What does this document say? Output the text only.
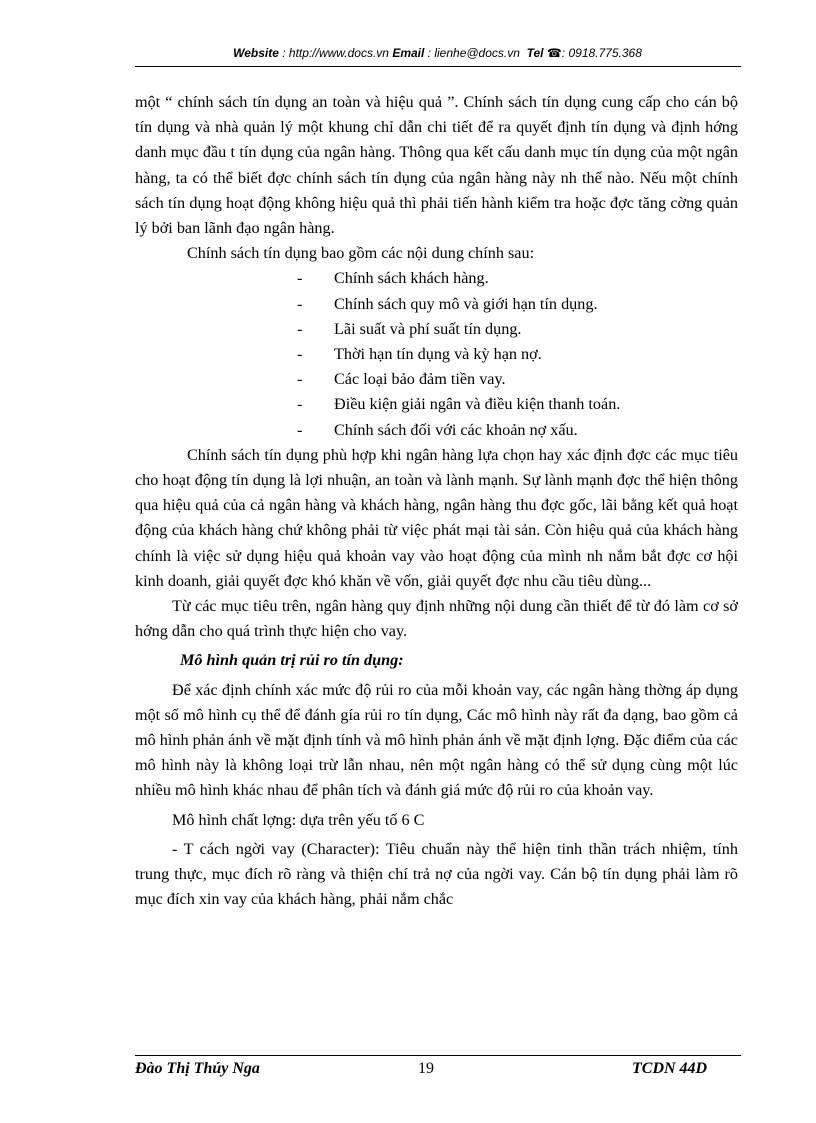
Website : http://www.docs.vn Email : lienhe@docs.vn Tel ☎: 0918.775.368

một “ chính sách tín dụng an toàn và hiệu quả ”. Chính sách tín dụng cung cấp cho cán bộ tín dụng và nhà quản lý một khung chỉ dẫn chi tiết để ra quyết định tín dụng và định hớng danh mục đầu t tín dụng của ngân hàng. Thông qua kết cấu danh mục tín dụng của một ngân hàng, ta có thể biết đợc chính sách tín dụng của ngân hàng này nh thế nào. Nếu một chính sách tín dụng hoạt động không hiệu quả thì phải tiến hành kiểm tra hoặc đợc tăng cờng quản lý bởi ban lãnh đạo ngân hàng.

Chính sách tín dụng bao gồm các nội dung chính sau:

- Chính sách khách hàng.
- Chính sách quy mô và giới hạn tín dụng.
- Lãi suất và phí suất tín dụng.
- Thời hạn tín dụng và kỳ hạn nợ.
- Các loại bảo đảm tiền vay.
- Điều kiện giải ngân và điều kiện thanh toán.
- Chính sách đối với các khoản nợ xấu.

Chính sách tín dụng phù hợp khi ngân hàng lựa chọn hay xác định đợc các mục tiêu cho hoạt động tín dụng là lợi nhuận, an toàn và lành mạnh. Sự lành mạnh đợc thể hiện thông qua hiệu quả của cả ngân hàng và khách hàng, ngân hàng thu đợc gốc, lãi bằng kết quả hoạt động của khách hàng chứ không phải từ việc phát mại tài sản. Còn hiệu quả của khách hàng chính là việc sử dụng hiệu quả khoản vay vào hoạt động của mình nh nắm bắt đợc cơ hội kinh doanh, giải quyết đợc khó khăn về vốn, giải quyết đợc nhu cầu tiêu dùng...

Từ các mục tiêu trên, ngân hàng quy định những nội dung cần thiết để từ đó làm cơ sở hớng dẫn cho quá trình thực hiện cho vay.

Mô hình quản trị rủi ro tín dụng:

Để xác định chính xác mức độ rủi ro của mỗi khoản vay, các ngân hàng thờng áp dụng một số mô hình cụ thể để đánh gía rủi ro tín dụng, Các mô hình này rất đa dạng, bao gồm cả mô hình phản ánh về mặt định tính và mô hình phản ánh về mặt định lợng. Đặc điểm của các mô hình này là không loại trừ lẫn nhau, nên một ngân hàng có thể sử dụng cùng một lúc nhiều mô hình khác nhau để phân tích và đánh giá mức độ rủi ro của khoản vay.

Mô hình chất lợng: dựa trên yếu tố 6 C

- T cách ngời vay (Character): Tiêu chuẩn này thể hiện tinh thần trách nhiệm, tính trung thực, mục đích rõ ràng và thiện chí trả nợ của ngời vay. Cán bộ tín dụng phải làm rõ mục đích xin vay của khách hàng, phải nắm chắc

Đào Thị Thúy Nga	19	TCDN 44D
